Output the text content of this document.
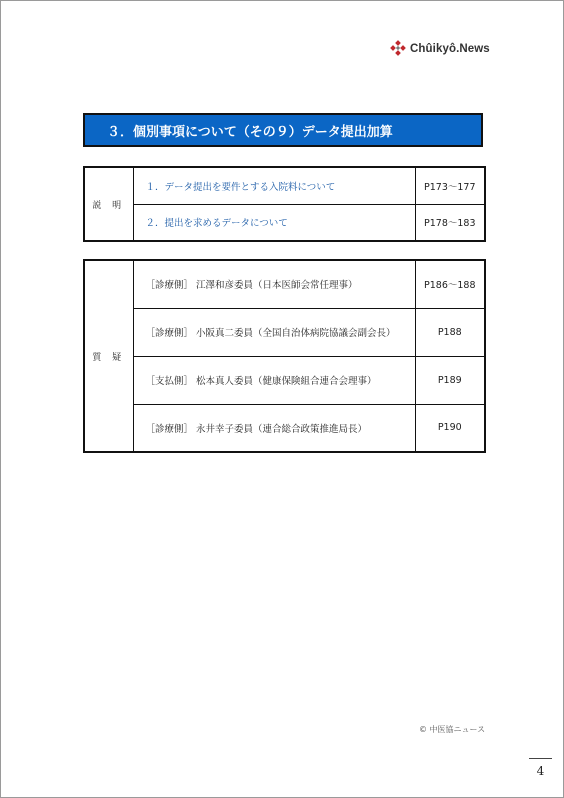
Chûikyô.News
３．個別事項について（その９）データ提出加算
説 明	１．データ提出を要件とする入院料について	P173～177
	２．提出を求めるデータについて	P178～183
質 疑	［診療側］ 江澤和彦委員（日本医師会常任理事）	P186～188
	［診療側］ 小阪真二委員（全国自治体病院協議会副会長）	P188
	［支払側］ 松本真人委員（健康保険組合連合会理事）	P189
	［診療側］ 永井幸子委員（連合総合政策推進局長）	P190
© 中医協ニュース
4
